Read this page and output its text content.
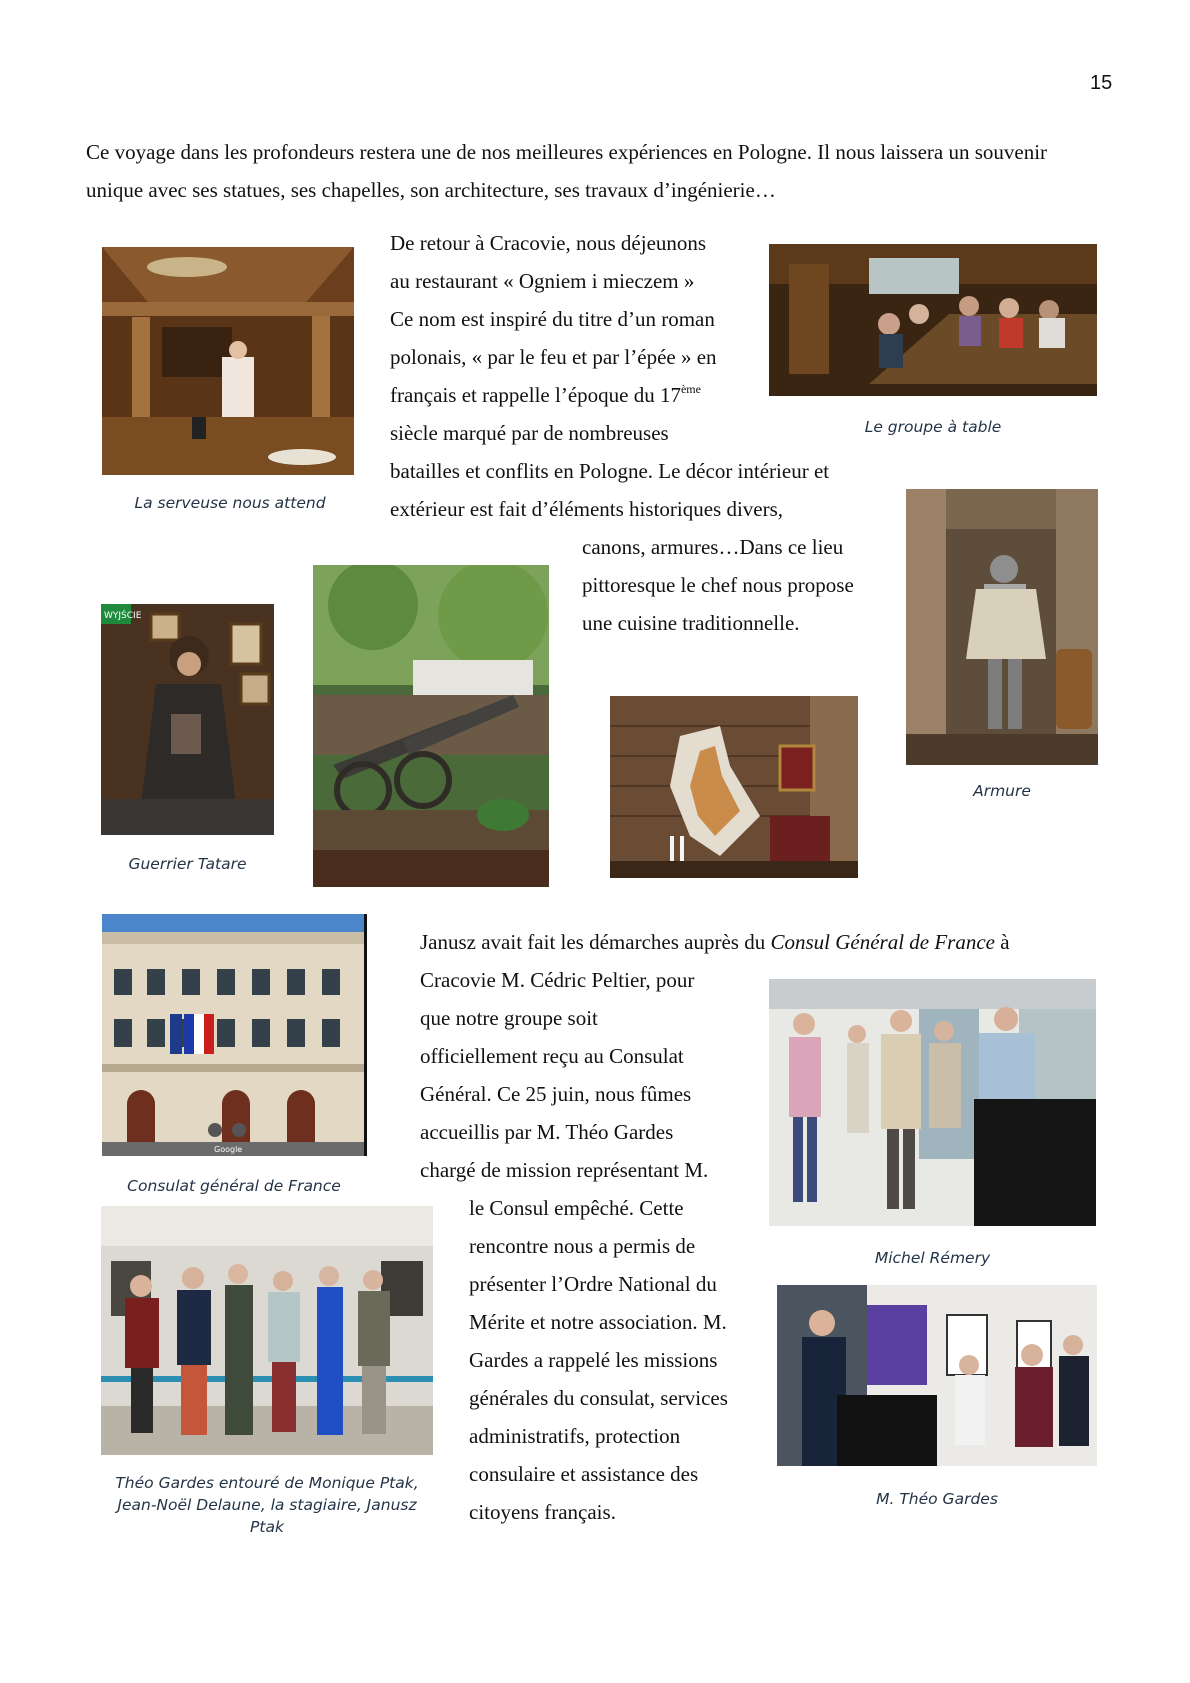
15
Ce voyage dans les profondeurs restera une de nos meilleures expériences en Pologne. Il nous laissera un souvenir
unique avec ses statues, ses chapelles, son architecture, ses travaux d’ingénierie…
La serveuse nous attend
De retour à Cracovie, nous déjeunons
au restaurant « Ogniem i mieczem »
Ce nom est inspiré du titre d’un roman
polonais, « par le feu et par l’épée » en
français et rappelle l’époque du 17ème
siècle marqué par de nombreuses
batailles et conflits en Pologne. Le décor intérieur et
extérieur est fait d’éléments historiques divers,
canons, armures…Dans ce lieu
pittoresque le chef nous propose
une cuisine traditionnelle.
Le groupe à table
Armure
WYJŚCIE
Guerrier Tatare
Google
Consulat général de France
Janusz avait fait les démarches auprès du Consul Général de France à
Cracovie M. Cédric Peltier, pour
que notre groupe soit
officiellement reçu au Consulat
Général. Ce 25 juin, nous fûmes
accueillis par M. Théo Gardes
chargé de mission représentant M.
le Consul empêché. Cette
rencontre nous a permis de
présenter l’Ordre National du
Mérite et notre association. M.
Gardes a rappelé les missions
générales du consulat, services
administratifs, protection
consulaire et assistance des
citoyens français.
Michel Rémery
Théo Gardes entouré de Monique Ptak,
Jean-Noël Delaune, la stagiaire, Janusz
Ptak
M. Théo Gardes
